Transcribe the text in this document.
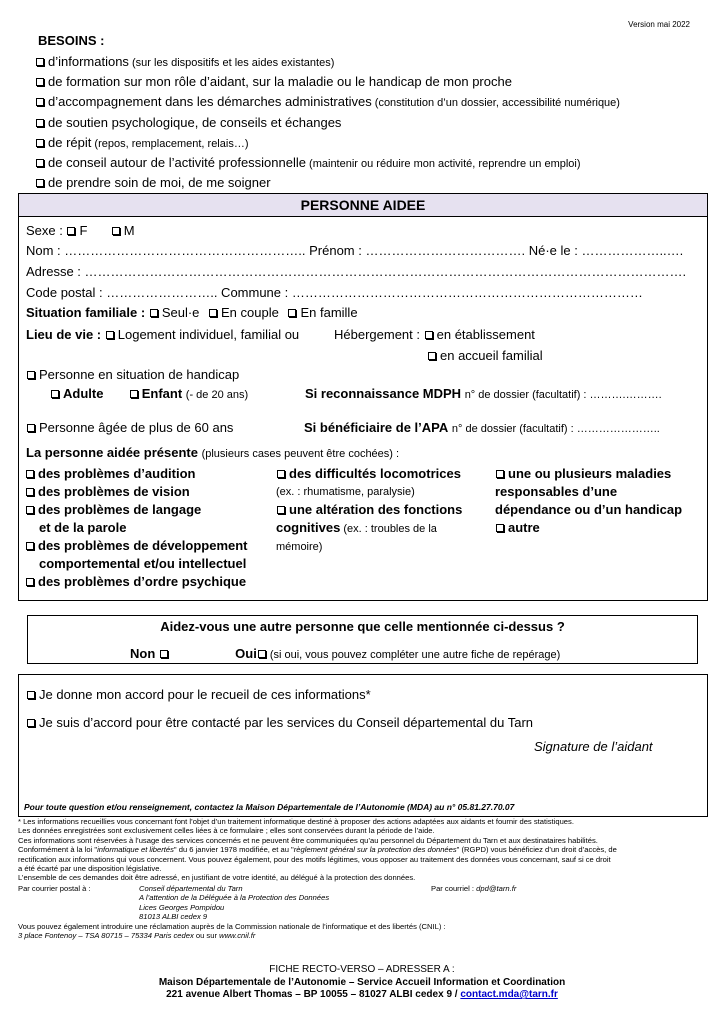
Version mai 2022
BESOINS :
d’informations (sur les dispositifs et les aides existantes)
de formation sur mon rôle d’aidant, sur la maladie ou le handicap de mon proche
d’accompagnement dans les démarches administratives (constitution d’un dossier, accessibilité numérique)
de soutien psychologique, de conseils et échanges
de répit (repos, remplacement, relais…)
de conseil autour de l’activité professionnelle (maintenir ou réduire mon activité, reprendre un emploi)
de prendre soin de moi, de me soigner
PERSONNE AIDEE
Sexe : F	M
Nom : ……………………………………………….. Prénom : ………………………………. Né·e le : ………………..….
Adresse : ………………………………………………………………………………………………………………………….
Code postal : …………………….. Commune : ………………………………………………………………………
Situation familiale : Seul·e En couple En famille
Lieu de vie : Logement individuel, familial ou	Hébergement : en établissement
en accueil familial
Personne en situation de handicap
Adulte	Enfant (- de 20 ans)	Si reconnaissance MDPH n° de dossier (facultatif) : ……….……….
Personne âgée de plus de 60 ans	Si bénéficiaire de l’APA n° de dossier (facultatif) : …………………..
La personne aidée présente (plusieurs cases peuvent être cochées) :
des problèmes d’audition
des problèmes de vision
des problèmes de langage
et de la parole
des problèmes de développement
comportemental et/ou intellectuel
des problèmes d’ordre psychique
des difficultés locomotrices
(ex. : rhumatisme, paralysie)
une altération des fonctions
cognitives (ex. : troubles de la
mémoire)
une ou plusieurs maladies
responsables d’une
dépendance ou d’un handicap
autre
Aidez-vous une autre personne que celle mentionnée ci-dessus ?
Non	Oui (si oui, vous pouvez compléter une autre fiche de repérage)
Je donne mon accord pour le recueil de ces informations*
Je suis d’accord pour être contacté par les services du Conseil départemental du Tarn
Signature de l’aidant
Pour toute question et/ou renseignement, contactez la Maison Départementale de l’Autonomie (MDA) au n° 05.81.27.70.07
* Les informations recueillies vous concernant font l’objet d’un traitement informatique destiné à proposer des actions adaptées aux aidants et fournir des statistiques.
Les données enregistrées sont exclusivement celles liées à ce formulaire ; elles sont conservées durant la période de l’aide.
Ces informations sont réservées à l’usage des services concernés et ne peuvent être communiquées qu’au personnel du Département du Tarn et aux destinataires habilités.
Conformément à la loi "informatique et libertés" du 6 janvier 1978 modifiée, et au "règlement général sur la protection des données" (RGPD) vous bénéficiez d’un droit d’accès, de
rectification aux informations qui vous concernent. Vous pouvez également, pour des motifs légitimes, vous opposer au traitement des données vous concernant, sauf si ce droit
a été écarté par une disposition législative.
L’ensemble de ces demandes doit être adressé, en justifiant de votre identité, au délégué à la protection des données.
Par courrier postal à :	Conseil départemental du Tarn
A l’attention de la Déléguée à la Protection des Données
Lices Georges Pompidou
81013 ALBI cedex 9
Par courriel : dpd@tarn.fr
Vous pouvez également introduire une réclamation auprès de la Commission nationale de l’informatique et des libertés (CNIL) :
3 place Fontenoy – TSA 80715 – 75334 Paris cedex ou sur www.cnil.fr
FICHE RECTO-VERSO – ADRESSER A :
Maison Départementale de l’Autonomie – Service Accueil Information et Coordination
221 avenue Albert Thomas – BP 10055 – 81027 ALBI cedex 9 / contact.mda@tarn.fr
